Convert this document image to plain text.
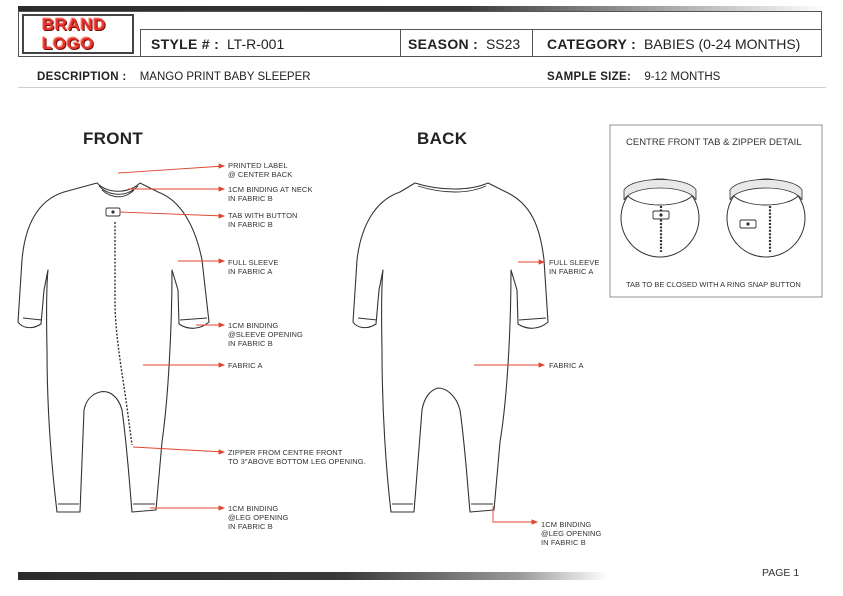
BRAND
LOGO	STYLE # : LT-R-001	SEASON : SS23 CATEGORY : BABIES (0-24 MONTHS)
DESCRIPTION : MANGO PRINT BABY SLEEPER	SAMPLE SIZE: 9-12 MONTHS
FRONT	BACK
PRINTED LABEL
@ CENTER BACK
1CM BINDING AT NECK
IN FABRIC B
TAB WITH BUTTON
IN FABRIC B
FULL SLEEVE
IN FABRIC A
1CM BINDING
@SLEEVE OPENING
IN FABRIC B
FABRIC A
ZIPPER FROM CENTRE FRONT
TO 3"ABOVE BOTTOM LEG OPENING.
1CM BINDING
@LEG OPENING
IN FABRIC B
FULL SLEEVE
IN FABRIC A
FABRIC A
1CM BINDING
@LEG OPENING
IN FABRIC B
CENTRE FRONT TAB & ZIPPER DETAIL
TAB TO BE CLOSED WITH A RING SNAP BUTTON
PAGE 1
